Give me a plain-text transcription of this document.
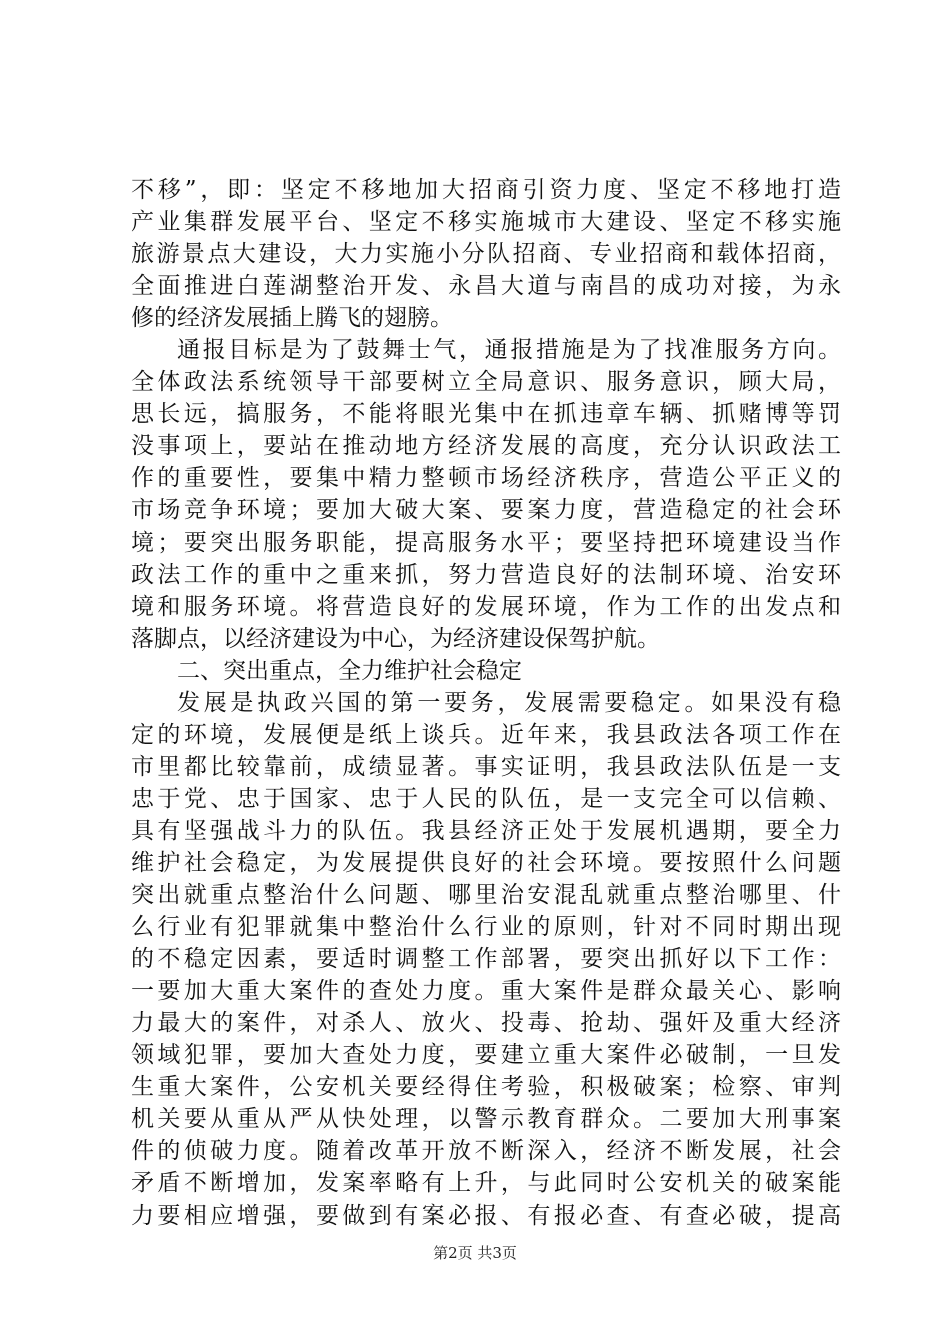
不移”，即：坚定不移地加大招商引资力度、坚定不移地打造
产业集群发展平台、坚定不移实施城市大建设、坚定不移实施
旅游景点大建设，大力实施小分队招商、专业招商和载体招商，
全面推进白莲湖整治开发、永昌大道与南昌的成功对接，为永
修的经济发展插上腾飞的翅膀。
通报目标是为了鼓舞士气，通报措施是为了找准服务方向。
全体政法系统领导干部要树立全局意识、服务意识，顾大局，
思长远，搞服务，不能将眼光集中在抓违章车辆、抓赌博等罚
没事项上，要站在推动地方经济发展的高度，充分认识政法工
作的重要性，要集中精力整顿市场经济秩序，营造公平正义的
市场竞争环境；要加大破大案、要案力度，营造稳定的社会环
境；要突出服务职能，提高服务水平；要坚持把环境建设当作
政法工作的重中之重来抓，努力营造良好的法制环境、治安环
境和服务环境。将营造良好的发展环境，作为工作的出发点和
落脚点，以经济建设为中心，为经济建设保驾护航。
二、突出重点，全力维护社会稳定
发展是执政兴国的第一要务，发展需要稳定。如果没有稳
定的环境，发展便是纸上谈兵。近年来，我县政法各项工作在
市里都比较靠前，成绩显著。事实证明，我县政法队伍是一支
忠于党、忠于国家、忠于人民的队伍，是一支完全可以信赖、
具有坚强战斗力的队伍。我县经济正处于发展机遇期，要全力
维护社会稳定，为发展提供良好的社会环境。要按照什么问题
突出就重点整治什么问题、哪里治安混乱就重点整治哪里、什
么行业有犯罪就集中整治什么行业的原则，针对不同时期出现
的不稳定因素，要适时调整工作部署，要突出抓好以下工作：
一要加大重大案件的查处力度。重大案件是群众最关心、影响
力最大的案件，对杀人、放火、投毒、抢劫、强奸及重大经济
领域犯罪，要加大查处力度，要建立重大案件必破制，一旦发
生重大案件，公安机关要经得住考验，积极破案；检察、审判
机关要从重从严从快处理，以警示教育群众。二要加大刑事案
件的侦破力度。随着改革开放不断深入，经济不断发展，社会
矛盾不断增加，发案率略有上升，与此同时公安机关的破案能
力要相应增强，要做到有案必报、有报必查、有查必破，提高
第2页 共3页
